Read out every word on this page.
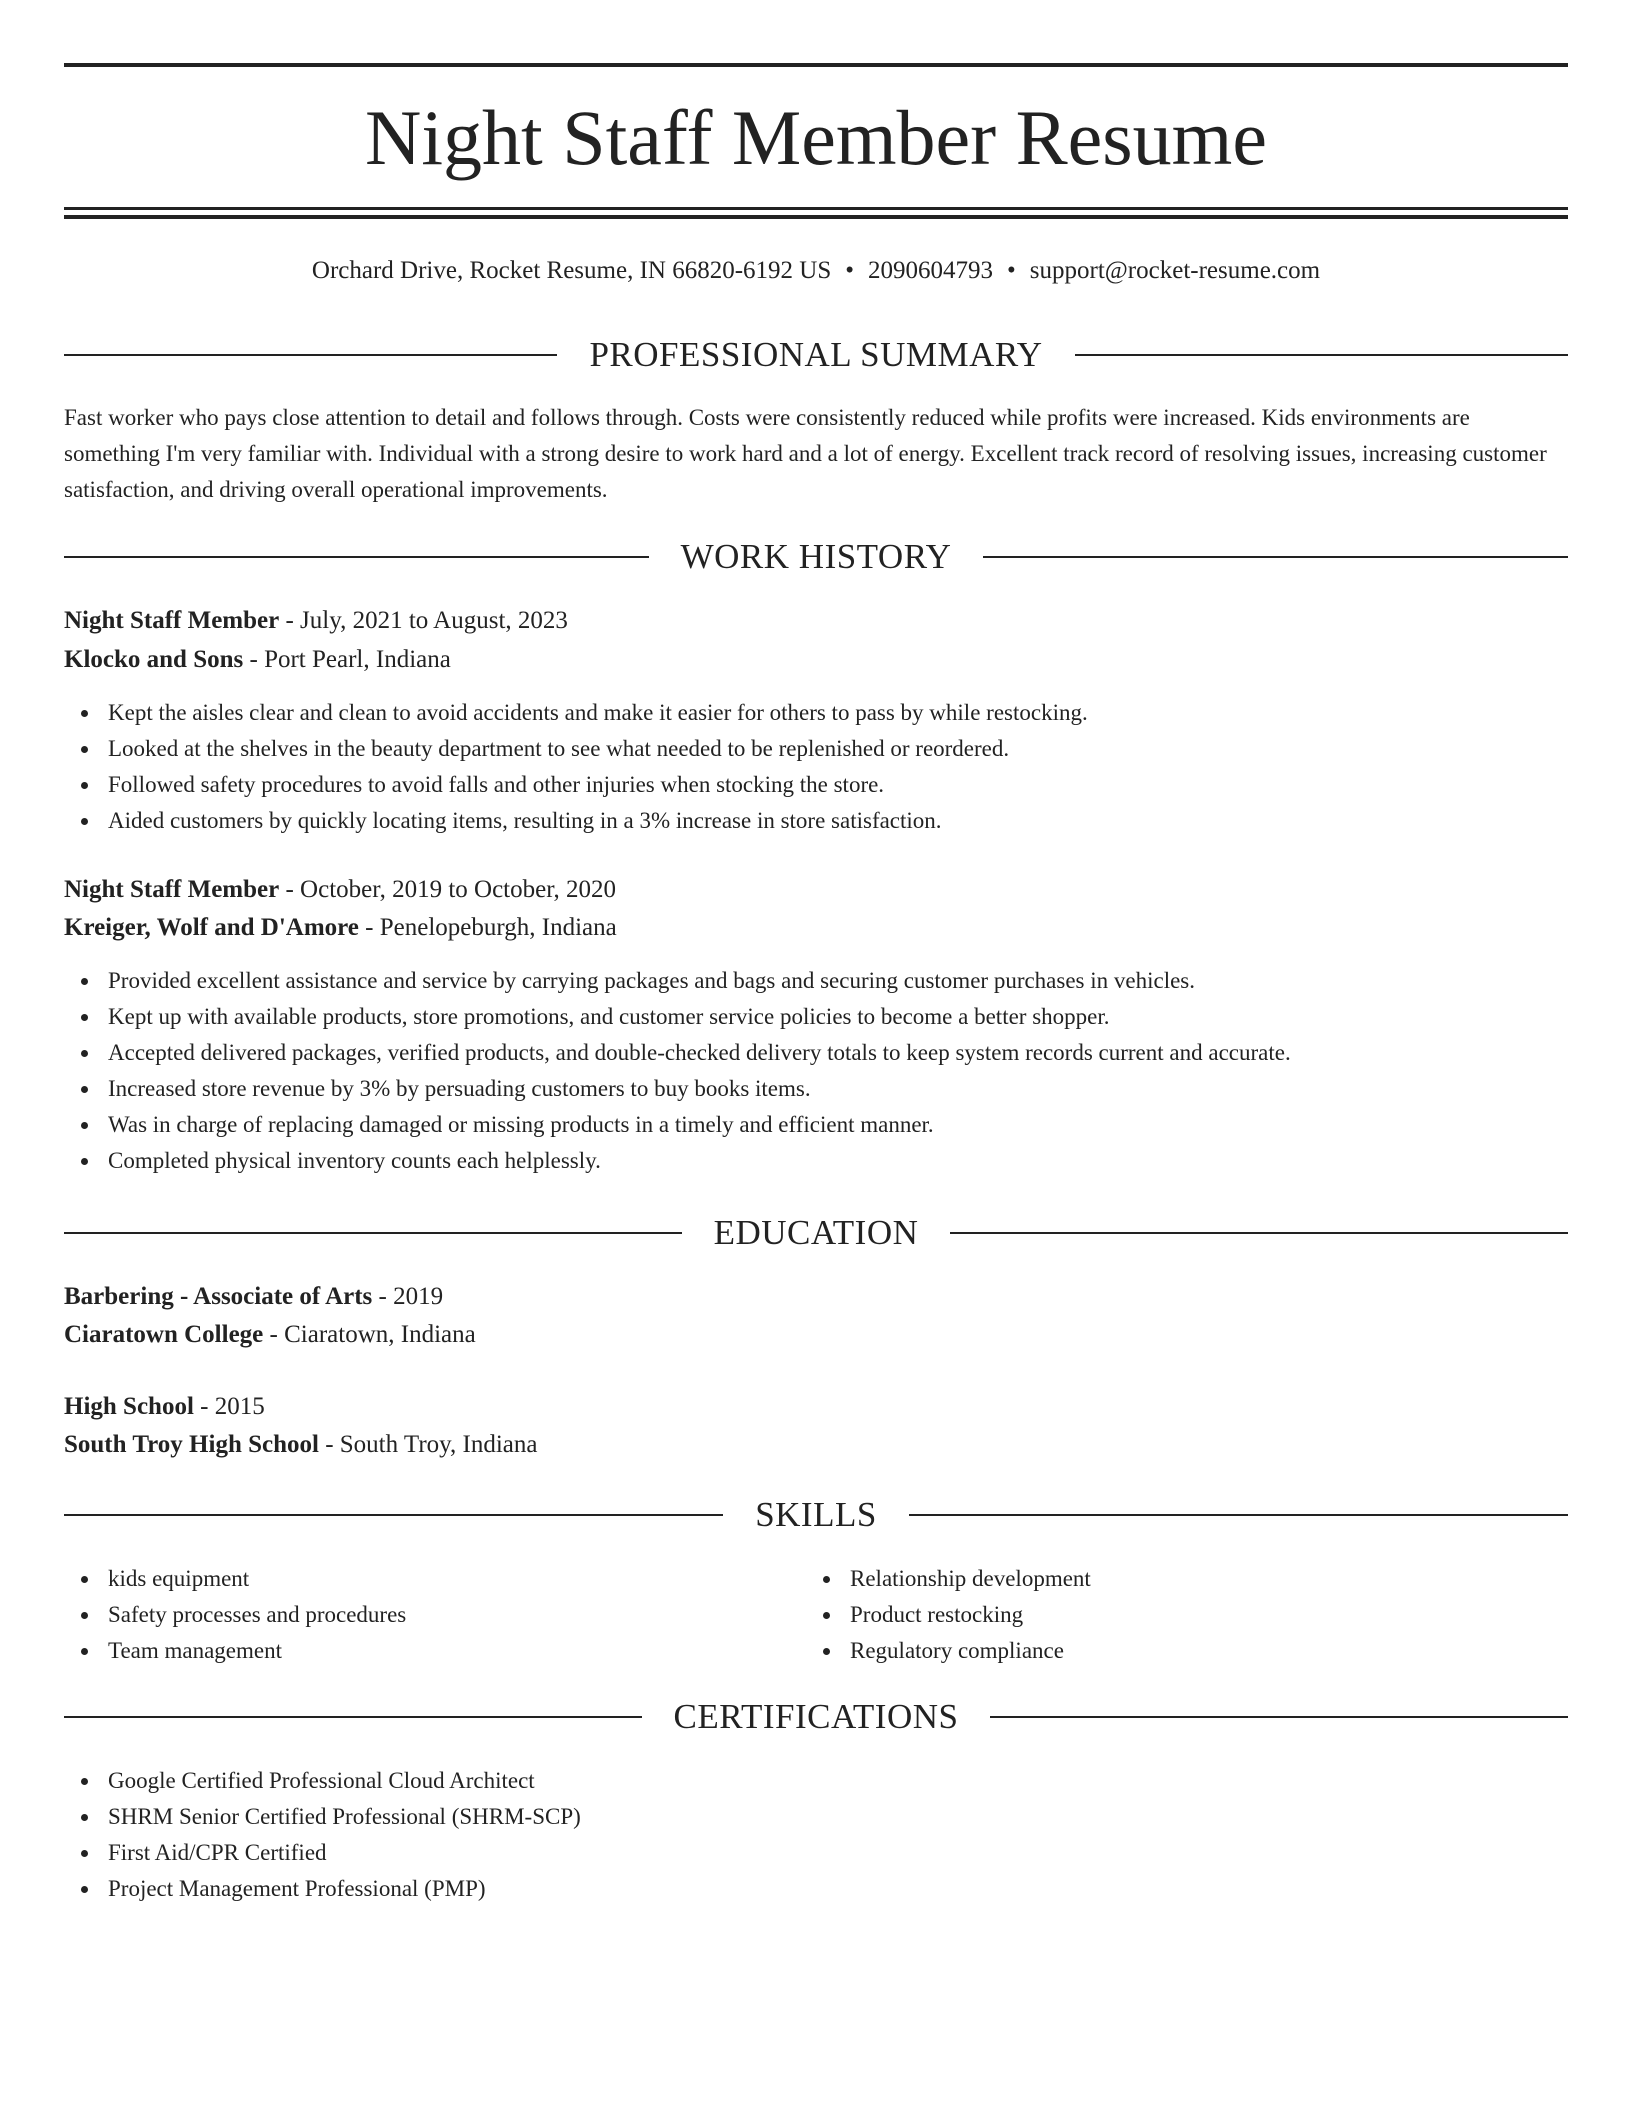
Night Staff Member Resume
Orchard Drive, Rocket Resume, IN 66820-6192 US • 2090604793 • support@rocket-resume.com
PROFESSIONAL SUMMARY

Fast worker who pays close attention to detail and follows through. Costs were consistently reduced while profits were increased. Kids environments are something I'm very familiar with. Individual with a strong desire to work hard and a lot of energy. Excellent track record of resolving issues, increasing customer satisfaction, and driving overall operational improvements.

WORK HISTORY
Night Staff Member - July, 2021 to August, 2023
Klocko and Sons - Port Pearl, Indiana
Kept the aisles clear and clean to avoid accidents and make it easier for others to pass by while restocking.
Looked at the shelves in the beauty department to see what needed to be replenished or reordered.
Followed safety procedures to avoid falls and other injuries when stocking the store.
Aided customers by quickly locating items, resulting in a 3% increase in store satisfaction.
Night Staff Member - October, 2019 to October, 2020
Kreiger, Wolf and D'Amore - Penelopeburgh, Indiana
Provided excellent assistance and service by carrying packages and bags and securing customer purchases in vehicles.
Kept up with available products, store promotions, and customer service policies to become a better shopper.
Accepted delivered packages, verified products, and double-checked delivery totals to keep system records current and accurate.
Increased store revenue by 3% by persuading customers to buy books items.
Was in charge of replacing damaged or missing products in a timely and efficient manner.
Completed physical inventory counts each helplessly.
EDUCATION
Barbering - Associate of Arts - 2019
Ciaratown College - Ciaratown, Indiana
High School - 2015
South Troy High School - South Troy, Indiana
SKILLS
kids equipment
Safety processes and procedures
Team management
Relationship development
Product restocking
Regulatory compliance
CERTIFICATIONS
Google Certified Professional Cloud Architect
SHRM Senior Certified Professional (SHRM-SCP)
First Aid/CPR Certified
Project Management Professional (PMP)
